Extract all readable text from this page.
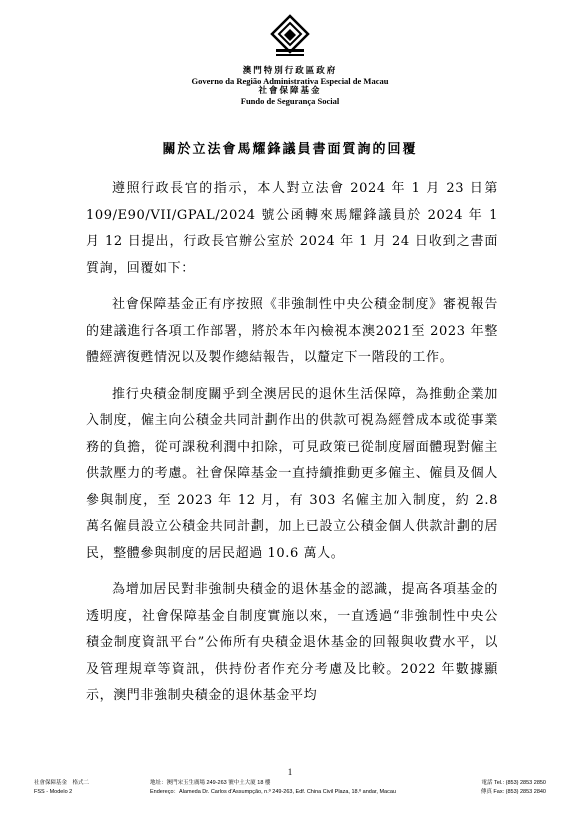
澳門特別行政區政府
Governo da Região Administrativa Especial de Macau
社會保障基金
Fundo de Segurança Social
關於立法會馬耀鋒議員書面質詢的回覆

遵照行政長官的指示，本人對立法會 2024 年 1 月 23 日第 109/E90/VII/GPAL/2024 號公函轉來馬耀鋒議員於 2024 年 1 月 12 日提出，行政長官辦公室於 2024 年 1 月 24 日收到之書面質詢，回覆如下：

社會保障基金正有序按照《非強制性中央公積金制度》審視報告的建議進行各項工作部署，將於本年內檢視本澳2021至 2023 年整體經濟復甦情況以及製作總結報告，以釐定下一階段的工作。

推行央積金制度關乎到全澳居民的退休生活保障，為推動企業加入制度，僱主向公積金共同計劃作出的供款可視為經營成本或從事業務的負擔，從可課稅利潤中扣除，可見政策已從制度層面體現對僱主供款壓力的考慮。社會保障基金一直持續推動更多僱主、僱員及個人參與制度，至 2023 年 12 月，有 303 名僱主加入制度，約 2.8 萬名僱員設立公積金共同計劃，加上已設立公積金個人供款計劃的居民，整體參與制度的居民超過 10.6 萬人。

為增加居民對非強制央積金的退休基金的認識，提高各項基金的透明度，社會保障基金自制度實施以來，一直透過“非強制性中央公積金制度資訊平台”公佈所有央積金退休基金的回報與收費水平，以及管理規章等資訊，供持份者作充分考慮及比較。2022 年數據顯示，澳門非強制央積金的退休基金平均

1
社會保障基金　格式二
FSS - Modelo 2
地址：澳門宋玉生廣場 249-263 號中土大廈 18 樓
Endereço：Alameda Dr. Carlos d'Assumpção, n.º 249-263, Edf. China Civil Plaza, 18.º andar, Macau
電話 Tel.: (853) 2853 2850
傳真 Fax: (853) 2853 2840
